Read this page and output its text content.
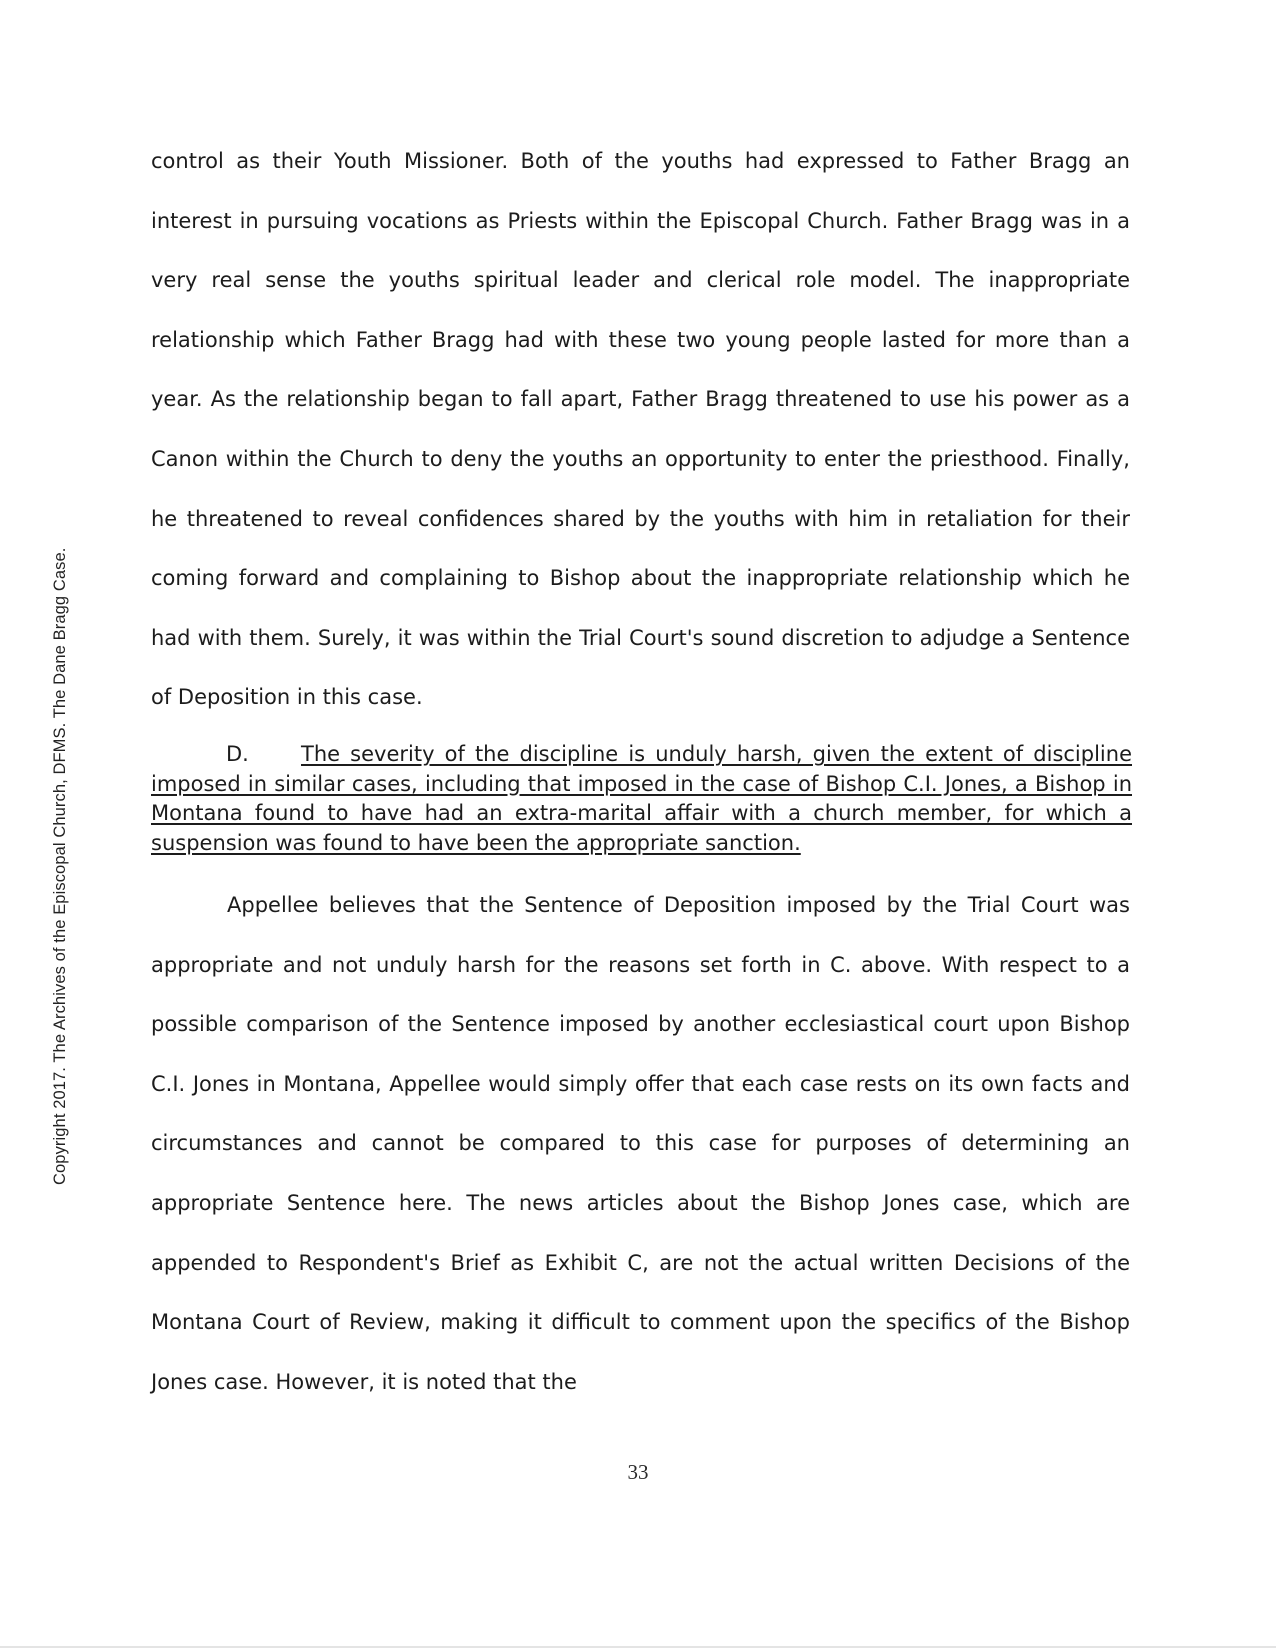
Copyright 2017. The Archives of the Episcopal Church, DFMS. The Dane Bragg Case.

control as their Youth Missioner. Both of the youths had expressed to Father Bragg an interest in pursuing vocations as Priests within the Episcopal Church. Father Bragg was in a very real sense the youths spiritual leader and clerical role model. The inappropriate relationship which Father Bragg had with these two young people lasted for more than a year. As the relationship began to fall apart, Father Bragg threatened to use his power as a Canon within the Church to deny the youths an opportunity to enter the priesthood. Finally, he threatened to reveal confidences shared by the youths with him in retaliation for their coming forward and complaining to Bishop about the inappropriate relationship which he had with them. Surely, it was within the Trial Court's sound discretion to adjudge a Sentence of Deposition in this case.

D. The severity of the discipline is unduly harsh, given the extent of discipline imposed in similar cases, including that imposed in the case of Bishop C.I. Jones, a Bishop in Montana found to have had an extra-marital affair with a church member, for which a suspension was found to have been the appropriate sanction.

Appellee believes that the Sentence of Deposition imposed by the Trial Court was appropriate and not unduly harsh for the reasons set forth in C. above. With respect to a possible comparison of the Sentence imposed by another ecclesiastical court upon Bishop C.I. Jones in Montana, Appellee would simply offer that each case rests on its own facts and circumstances and cannot be compared to this case for purposes of determining an appropriate Sentence here. The news articles about the Bishop Jones case, which are appended to Respondent's Brief as Exhibit C, are not the actual written Decisions of the Montana Court of Review, making it difficult to comment upon the specifics of the Bishop Jones case. However, it is noted that the

33
